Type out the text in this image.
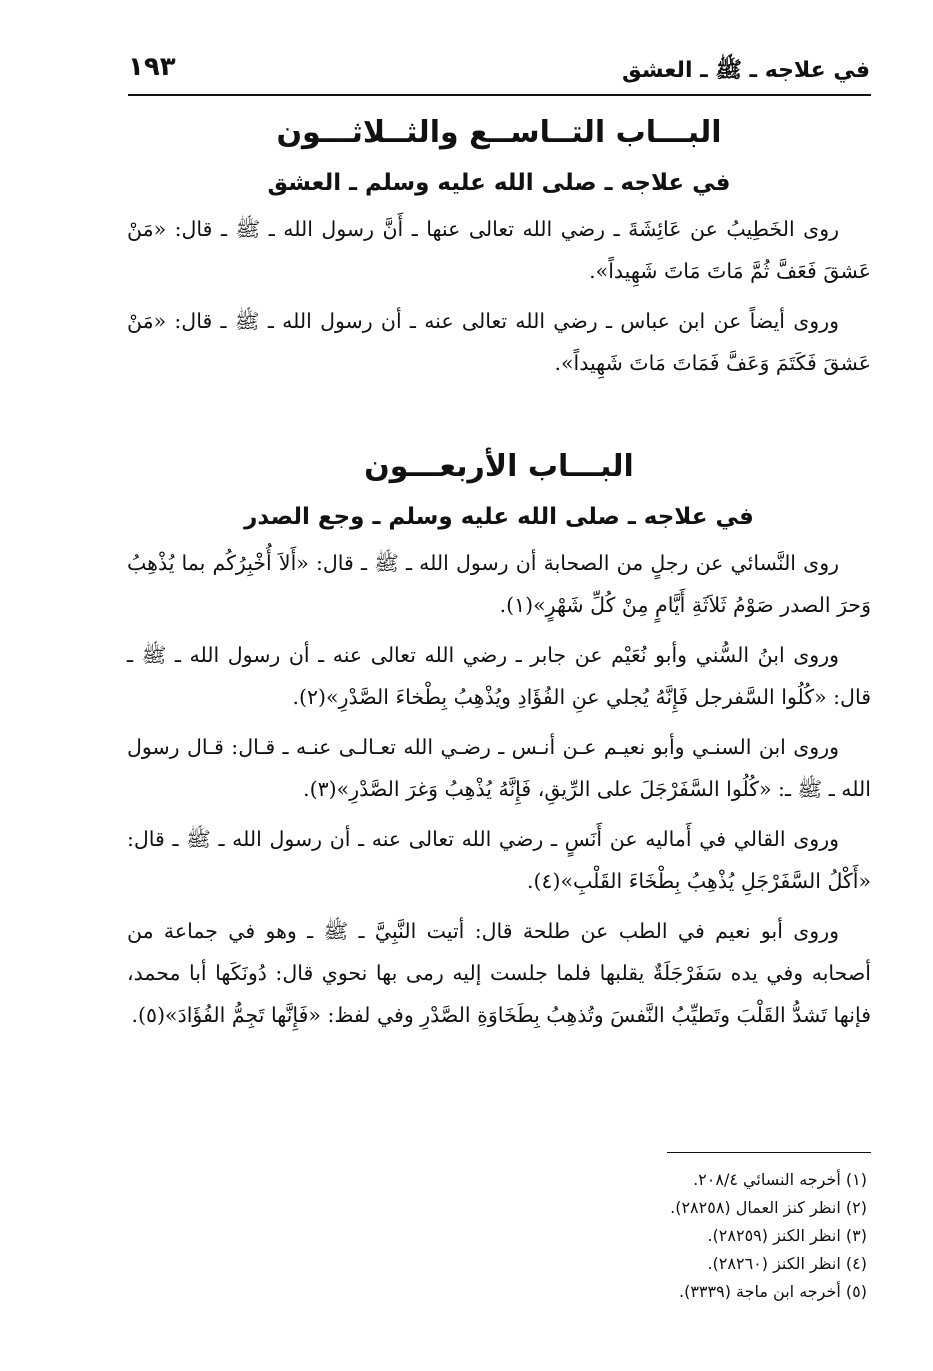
في علاجه ـ ﷺ ـ العشق
١٩٣
البـــاب التــاســع والثــلاثـــون
في علاجه ـ صلى الله عليه وسلم ـ العشق

روى الخَطِيبُ عن عَائِشَةَ ـ رضي الله تعالى عنها ـ أَنَّ رسول الله ـ ﷺ ـ قال: «مَنْ عَشقَ فَعَفَّ ثُمَّ مَاتَ مَاتَ شَهِيداً».

وروى أيضاً عن ابن عباس ـ رضي الله تعالى عنه ـ أن رسول الله ـ ﷺ ـ قال: «مَنْ عَشقَ فَكَتَمَ وَعَفَّ فَمَاتَ مَاتَ شَهِيداً».

البـــاب الأربعـــون
في علاجه ـ صلى الله عليه وسلم ـ وجع الصدر

روى النَّسائي عن رجلٍ من الصحابة أن رسول الله ـ ﷺ ـ قال: «أَلاَ أُخْبِرُكُم بما يُذْهِبُ وَحرَ الصدر صَوْمُ ثَلاَثَةِ أَيَّامٍ مِنْ كُلِّ شَهْرٍ»(١).

وروى ابنُ السُّني وأبو نُعَيْم عن جابر ـ رضي الله تعالى عنه ـ أن رسول الله ـ ﷺ ـ قال: «كُلُوا السَّفرجل فَإِنَّهُ يُجلي عنِ الفُؤَادِ ويُذْهِبُ بِطْخاءَ الصَّدْرِ»(٢).

وروى ابن السنـي وأبو نعيـم عـن أنـس ـ رضـي الله تعـالـى عنـه ـ قـال: قـال رسول الله ـ ﷺ ـ: «كُلُوا السَّفَرْجَلَ على الرِّيقِ، فَإِنَّهُ يُذْهِبُ وَغرَ الصَّدْرِ»(٣).

وروى القالي في أَماليه عن أَنَسٍ ـ رضي الله تعالى عنه ـ أن رسول الله ـ ﷺ ـ قال: «أَكْلُ السَّفَرْجَلِ يُذْهِبُ بِطْخَاءَ القَلْبِ»(٤).

وروى أبو نعيم في الطب عن طلحة قال: أتيت النَّبِيَّ ـ ﷺ ـ وهو في جماعة من أصحابه وفي يده سَفَرْجَلَةٌ يقلبها فلما جلست إليه رمى بها نحوي قال: دُونَكَها أبا محمد، فإنها تَشدُّ القَلْبَ وتَطيِّبُ النَّفسَ وتُذهِبُ بِطَخَاوَةِ الصَّدْرِ وفي لفظ: «فَإِنَّها تَجِمُّ الفُؤَادَ»(٥).

(١) أخرجه النسائي ٢٠٨/٤.
(٢) انظر كنز العمال (٢٨٢٥٨).
(٣) انظر الكنز (٢٨٢٥٩).
(٤) انظر الكنز (٢٨٢٦٠).
(٥) أخرجه ابن ماجة (٣٣٣٩).
